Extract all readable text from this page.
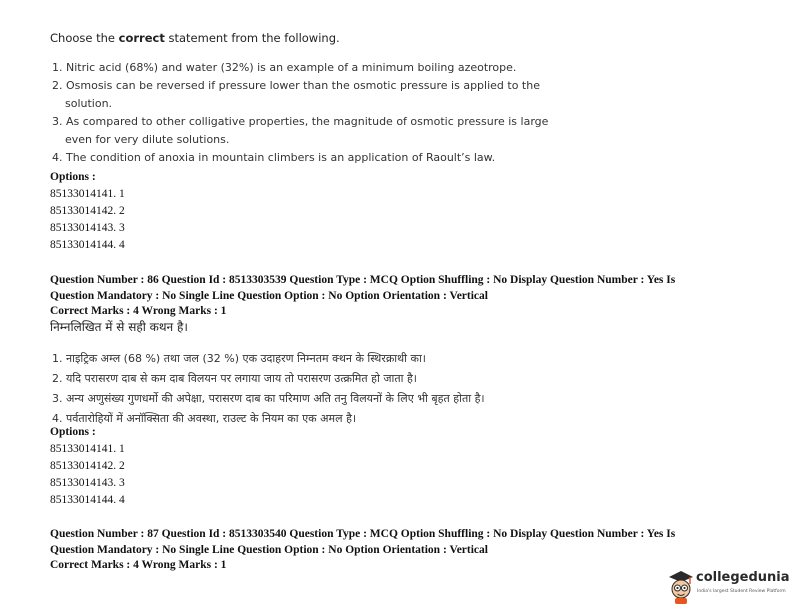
Choose the correct statement from the following.
1. Nitric acid (68%) and water (32%) is an example of a minimum boiling azeotrope.
2. Osmosis can be reversed if pressure lower than the osmotic pressure is applied to the
solution.
3. As compared to other colligative properties, the magnitude of osmotic pressure is large
even for very dilute solutions.
4. The condition of anoxia in mountain climbers is an application of Raoult’s law.
Options :
85133014141. 1
85133014142. 2
85133014143. 3
85133014144. 4
Question Number : 86 Question Id : 8513303539 Question Type : MCQ Option Shuffling : No Display Question Number : Yes Is
Question Mandatory : No Single Line Question Option : No Option Orientation : Vertical
Correct Marks : 4 Wrong Marks : 1
निम्नलिखित में से सही कथन है।
1. नाइट्रिक अम्ल (68 %) तथा जल (32 %) एक उदाहरण निम्नतम क्थन के स्थिरक्राथी का।
2. यदि परासरण दाब से कम दाब विलयन पर लगाया जाय तो परासरण उत्क्रमित हो जाता है।
3. अन्य अणुसंख्य गुणधर्मो की अपेक्षा, परासरण दाब का परिमाण अति तनु विलयनों के लिए भी बृहत होता है।
4. पर्वतारोहियों में अनॉक्सिता की अवस्था, राउल्ट के नियम का एक अमल है।
Options :
85133014141. 1
85133014142. 2
85133014143. 3
85133014144. 4
Question Number : 87 Question Id : 8513303540 Question Type : MCQ Option Shuffling : No Display Question Number : Yes Is
Question Mandatory : No Single Line Question Option : No Option Orientation : Vertical
Correct Marks : 4 Wrong Marks : 1
collegedunia
India's largest Student Review Platform
